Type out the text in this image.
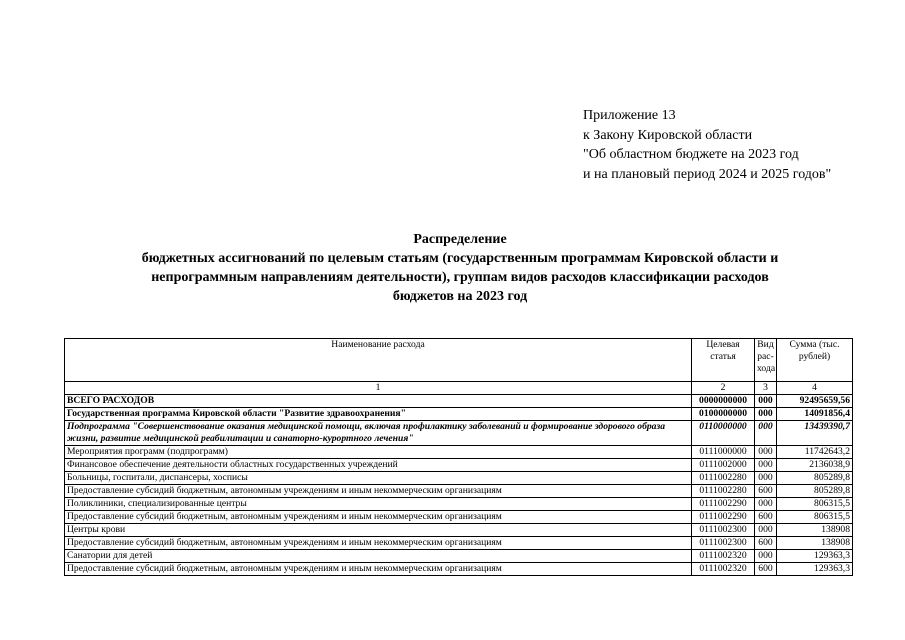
Приложение 13
к Закону Кировской области
"Об областном бюджете на 2023 год
и на плановый период 2024 и 2025 годов"
Распределение
бюджетных ассигнований по целевым статьям (государственным программам Кировской области и
непрограммным направлениям деятельности), группам видов расходов классификации расходов
бюджетов на 2023 год
Наименование расхода	Целевая статья	Вид рас-хода	Сумма (тыс. рублей)
1	2	3	4
ВСЕГО РАСХОДОВ	0000000000	000	92495659,56
Государственная программа Кировской области "Развитие здравоохранения"	0100000000	000	14091856,4
Подпрограмма "Совершенствование оказания медицинской помощи, включая профилактику заболеваний и формирование здорового образа жизни, развитие медицинской реабилитации и санаторно-курортного лечения"	0110000000	000	13439390,7
Мероприятия программ (подпрограмм)	0111000000	000	11742643,2
Финансовое обеспечение деятельности областных государственных учреждений	0111002000	000	2136038,9
Больницы, госпитали, диспансеры, хосписы	0111002280	000	805289,8
Предоставление субсидий бюджетным, автономным учреждениям и иным некоммерческим организациям	0111002280	600	805289,8
Поликлиники, специализированные центры	0111002290	000	806315,5
Предоставление субсидий бюджетным, автономным учреждениям и иным некоммерческим организациям	0111002290	600	806315,5
Центры крови	0111002300	000	138908
Предоставление субсидий бюджетным, автономным учреждениям и иным некоммерческим организациям	0111002300	600	138908
Санатории для детей	0111002320	000	129363,3
Предоставление субсидий бюджетным, автономным учреждениям и иным некоммерческим организациям	0111002320	600	129363,3
